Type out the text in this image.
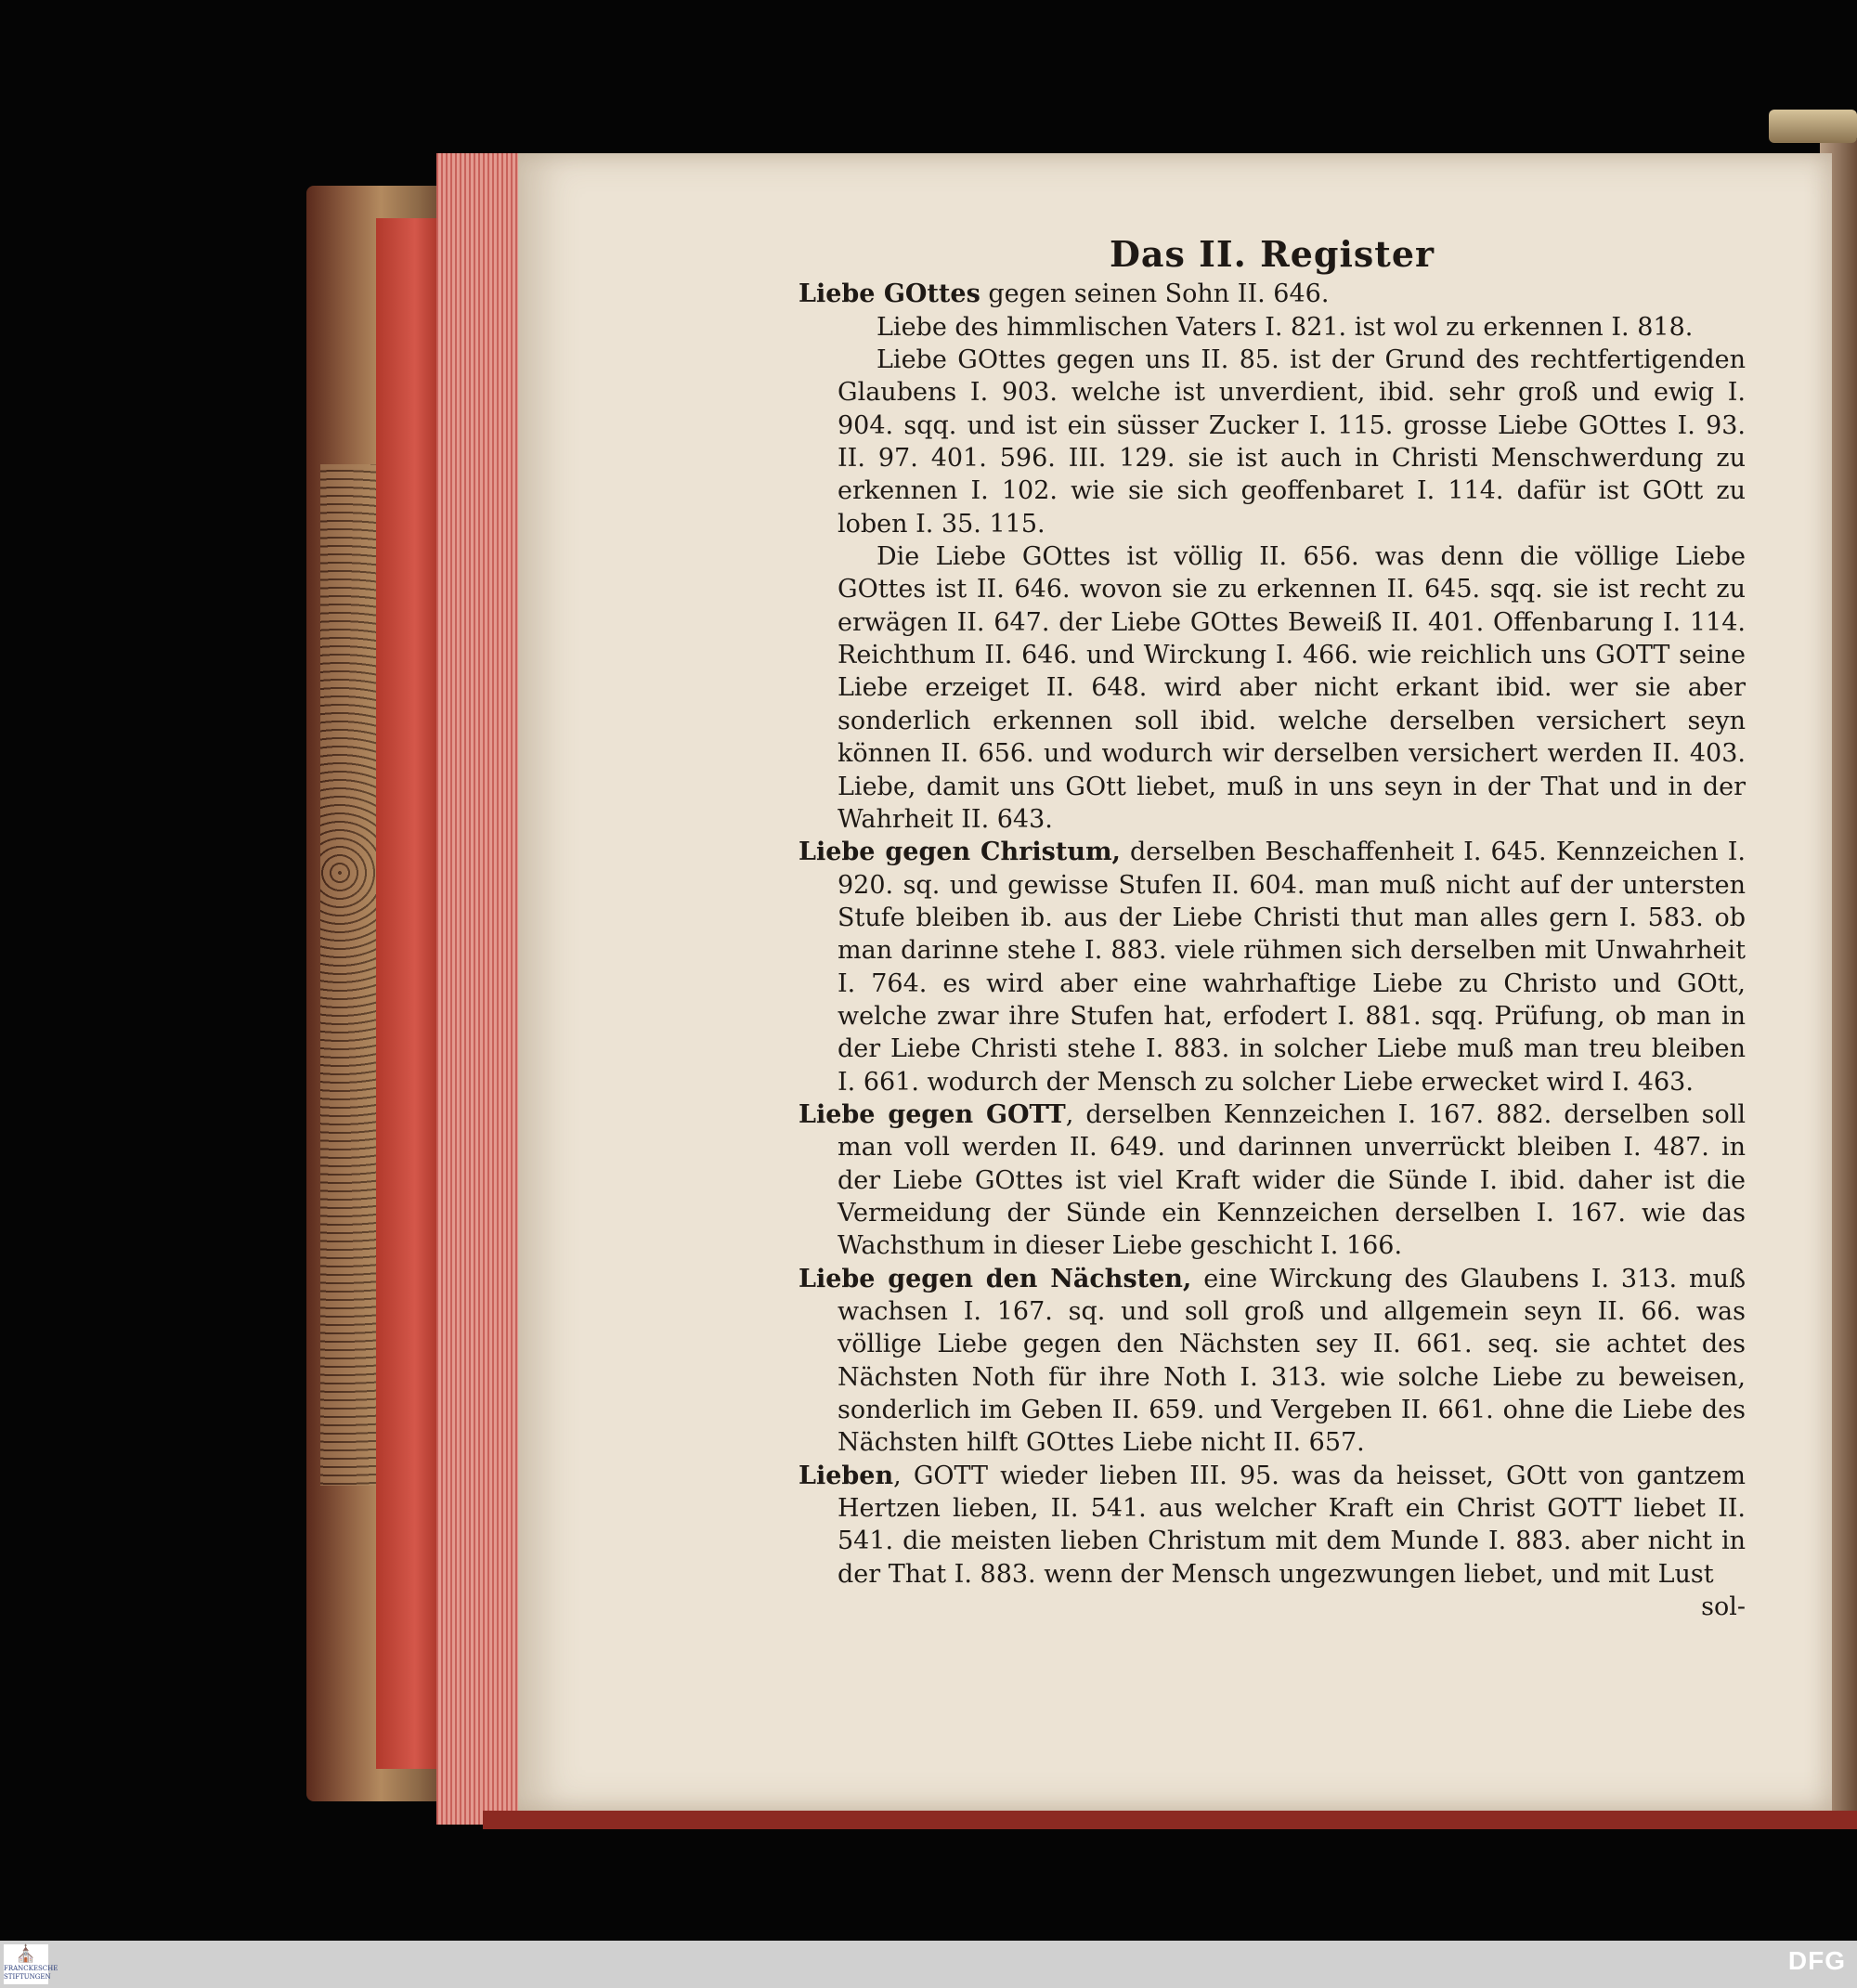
Das II. Register

Liebe GOttes gegen seinen Sohn II. 646.

Liebe des himmlischen Vaters I. 821. ist wol zu erkennen I. 818.

Liebe GOttes gegen uns II. 85. ist der Grund des rechtfertigenden Glaubens I. 903. welche ist unverdient, ibid. sehr groß und ewig I. 904. sqq. und ist ein süsser Zucker I. 115. grosse Liebe GOttes I. 93. II. 97. 401. 596. III. 129. sie ist auch in Christi Menschwerdung zu erkennen I. 102. wie sie sich geoffenbaret I. 114. dafür ist GOtt zu loben I. 35. 115.

Die Liebe GOttes ist völlig II. 656. was denn die völlige Liebe GOttes ist II. 646. wovon sie zu erkennen II. 645. sqq. sie ist recht zu erwägen II. 647. der Liebe GOttes Beweiß II. 401. Offenbarung I. 114. Reichthum II. 646. und Wirckung I. 466. wie reichlich uns GOTT seine Liebe erzeiget II. 648. wird aber nicht erkant ibid. wer sie aber sonderlich erkennen soll ibid. welche derselben versichert seyn können II. 656. und wodurch wir derselben versichert werden II. 403. Liebe, damit uns GOtt liebet, muß in uns seyn in der That und in der Wahrheit II. 643.

Liebe gegen Christum, derselben Beschaffenheit I. 645. Kennzeichen I. 920. sq. und gewisse Stufen II. 604. man muß nicht auf der untersten Stufe bleiben ib. aus der Liebe Christi thut man alles gern I. 583. ob man darinne stehe I. 883. viele rühmen sich derselben mit Unwahrheit I. 764. es wird aber eine wahrhaftige Liebe zu Christo und GOtt, welche zwar ihre Stufen hat, erfodert I. 881. sqq. Prüfung, ob man in der Liebe Christi stehe I. 883. in solcher Liebe muß man treu bleiben I. 661. wodurch der Mensch zu solcher Liebe erwecket wird I. 463.

Liebe gegen GOTT, derselben Kennzeichen I. 167. 882. derselben soll man voll werden II. 649. und darinnen unverrückt bleiben I. 487. in der Liebe GOttes ist viel Kraft wider die Sünde I. ibid. daher ist die Vermeidung der Sünde ein Kennzeichen derselben I. 167. wie das Wachsthum in dieser Liebe geschicht I. 166.

Liebe gegen den Nächsten, eine Wirckung des Glaubens I. 313. muß wachsen I. 167. sq. und soll groß und allgemein seyn II. 66. was völlige Liebe gegen den Nächsten sey II. 661. seq. sie achtet des Nächsten Noth für ihre Noth I. 313. wie solche Liebe zu beweisen, sonderlich im Geben II. 659. und Vergeben II. 661. ohne die Liebe des Nächsten hilft GOttes Liebe nicht II. 657.

Lieben, GOTT wieder lieben III. 95. was da heisset, GOtt von gantzem Hertzen lieben, II. 541. aus welcher Kraft ein Christ GOTT liebet II. 541. die meisten lieben Christum mit dem Munde I. 883. aber nicht in der That I. 883. wenn der Mensch ungezwungen liebet, und mit Lust

sol-

⛪
FRANCKESCHE
STIFTUNGEN
DFG
